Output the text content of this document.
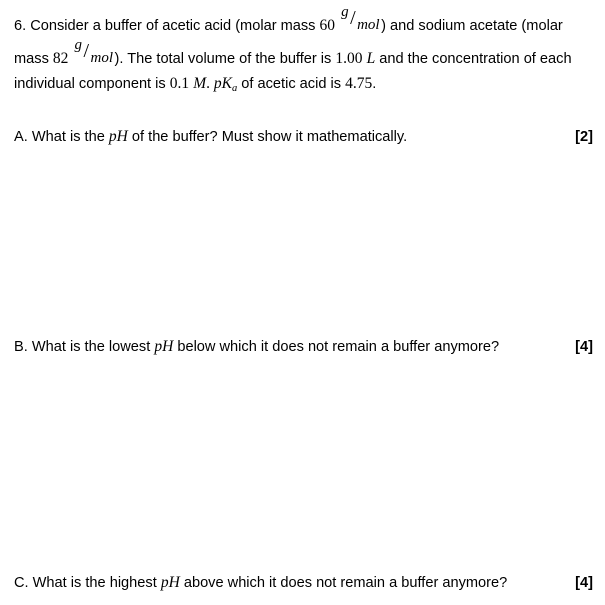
6. Consider a buffer of acetic acid (molar mass 60
g / mol ) and sodium acetate (molar
mass 82
g / mol ). The total volume of the buffer is 1.00 L and the concentration of each
individual component is 0.1 M. $pK_a$ of acetic acid is 4.75.
A. What is the pH of the buffer? Must show it mathematically.	[2]
B. What is the lowest pH below which it does not remain a buffer anymore?	[4]
C. What is the highest pH above which it does not remain a buffer anymore?	[4]
